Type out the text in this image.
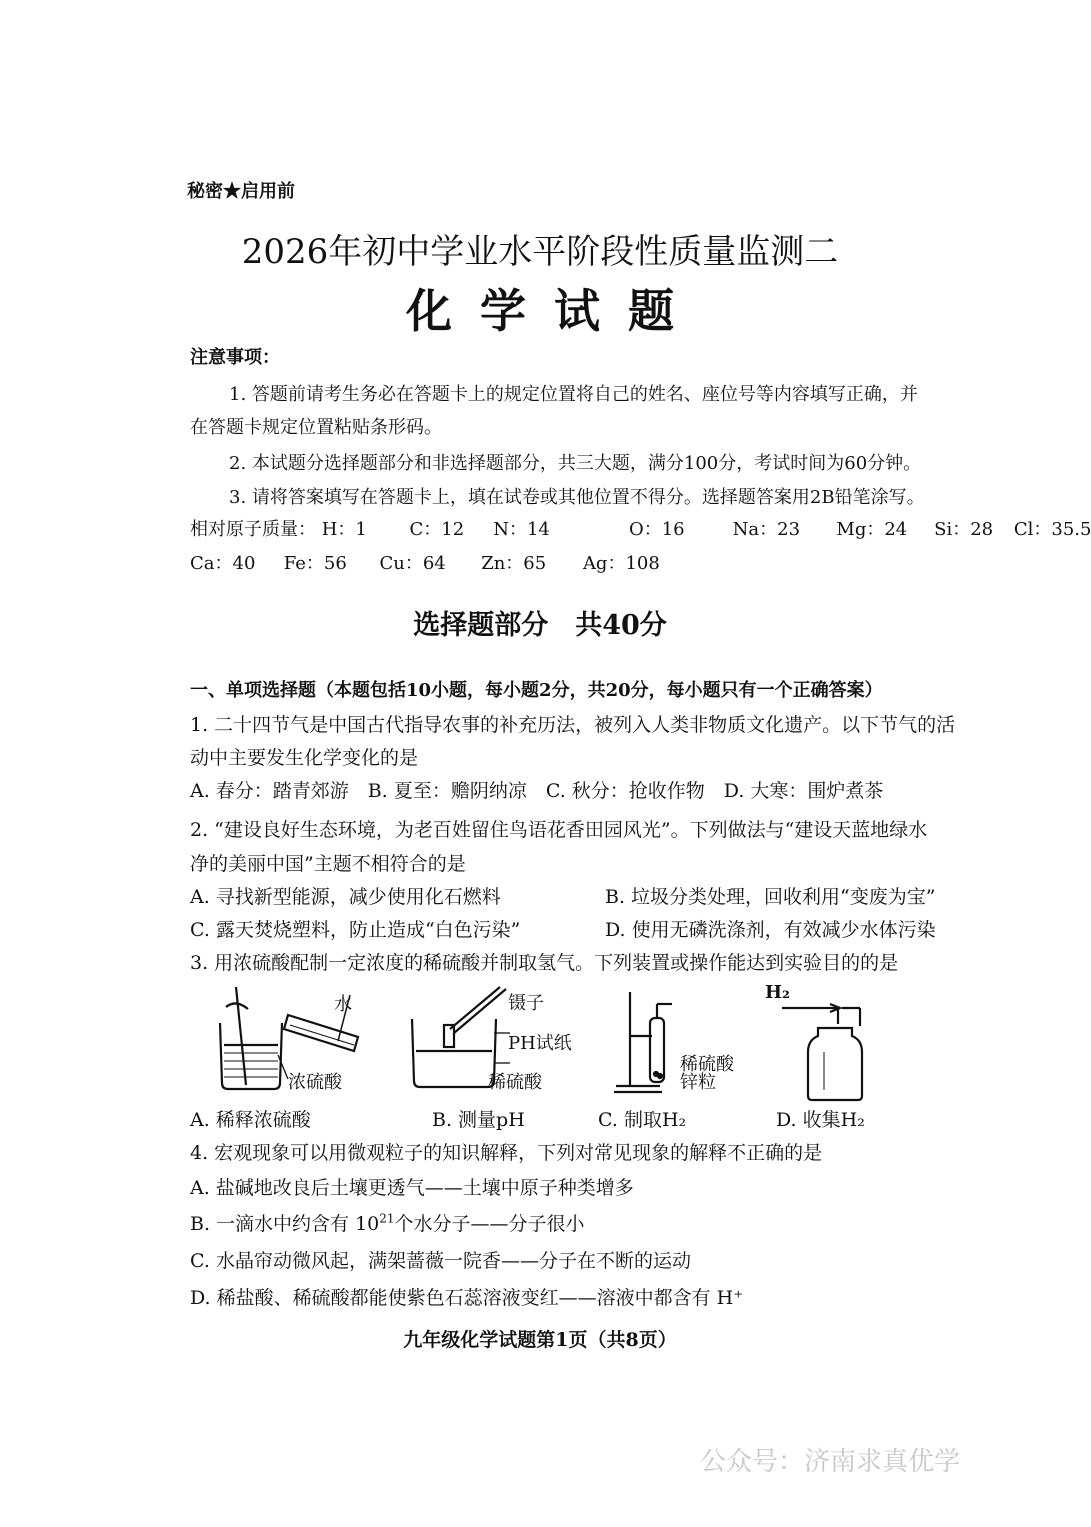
秘密★启用前
2026年初中学业水平阶段性质量监测二
化学试题
注意事项：
1. 答题前请考生务必在答题卡上的规定位置将自己的姓名、座位号等内容填写正确，并
在答题卡规定位置粘贴条形码。
2. 本试题分选择题部分和非选择题部分，共三大题，满分100分，考试时间为60分钟。
3. 请将答案填写在答题卡上，填在试卷或其他位置不得分。选择题答案用2B铅笔涂写。
相对原子质量： H：1 C：12 N：14	O：16	Na：23 Mg：24 Si：28 Cl：35.5
Ca：40 Fe：56 Cu：64 Zn：65 Ag：108
选择题部分　共40分
一、单项选择题（本题包括10小题，每小题2分，共20分，每小题只有一个正确答案）
1. 二十四节气是中国古代指导农事的补充历法，被列入人类非物质文化遗产。以下节气的活
动中主要发生化学变化的是
A. 春分：踏青郊游　B. 夏至：赡阴纳凉　C. 秋分：抢收作物　D. 大寒：围炉煮茶
2. “建设良好生态环境，为老百姓留住鸟语花香田园风光”。下列做法与“建设天蓝地绿水
净的美丽中国”主题不相符合的是
A. 寻找新型能源，减少使用化石燃料	B. 垃圾分类处理，回收利用“变废为宝”
C. 露天焚烧塑料，防止造成“白色污染”	D. 使用无磷洗涤剂，有效减少水体污染
3. 用浓硫酸配制一定浓度的稀硫酸并制取氢气。下列装置或操作能达到实验目的的是
水
浓硫酸
镊子
PH试纸
稀硫酸
稀硫酸
锌粒
H₂
A. 稀释浓硫酸	B. 测量pH	C. 制取H₂	D. 收集H₂
4. 宏观现象可以用微观粒子的知识解释，下列对常见现象的解释不正确的是
A. 盐碱地改良后土壤更透气——土壤中原子种类增多
B. 一滴水中约含有 $10^{21}$个水分子——分子很小
C. 水晶帘动微风起，满架蔷薇一院香——分子在不断的运动
D. 稀盐酸、稀硫酸都能使紫色石蕊溶液变红——溶液中都含有 H⁺
九年级化学试题第1页（共8页）
公众号：济南求真优学
